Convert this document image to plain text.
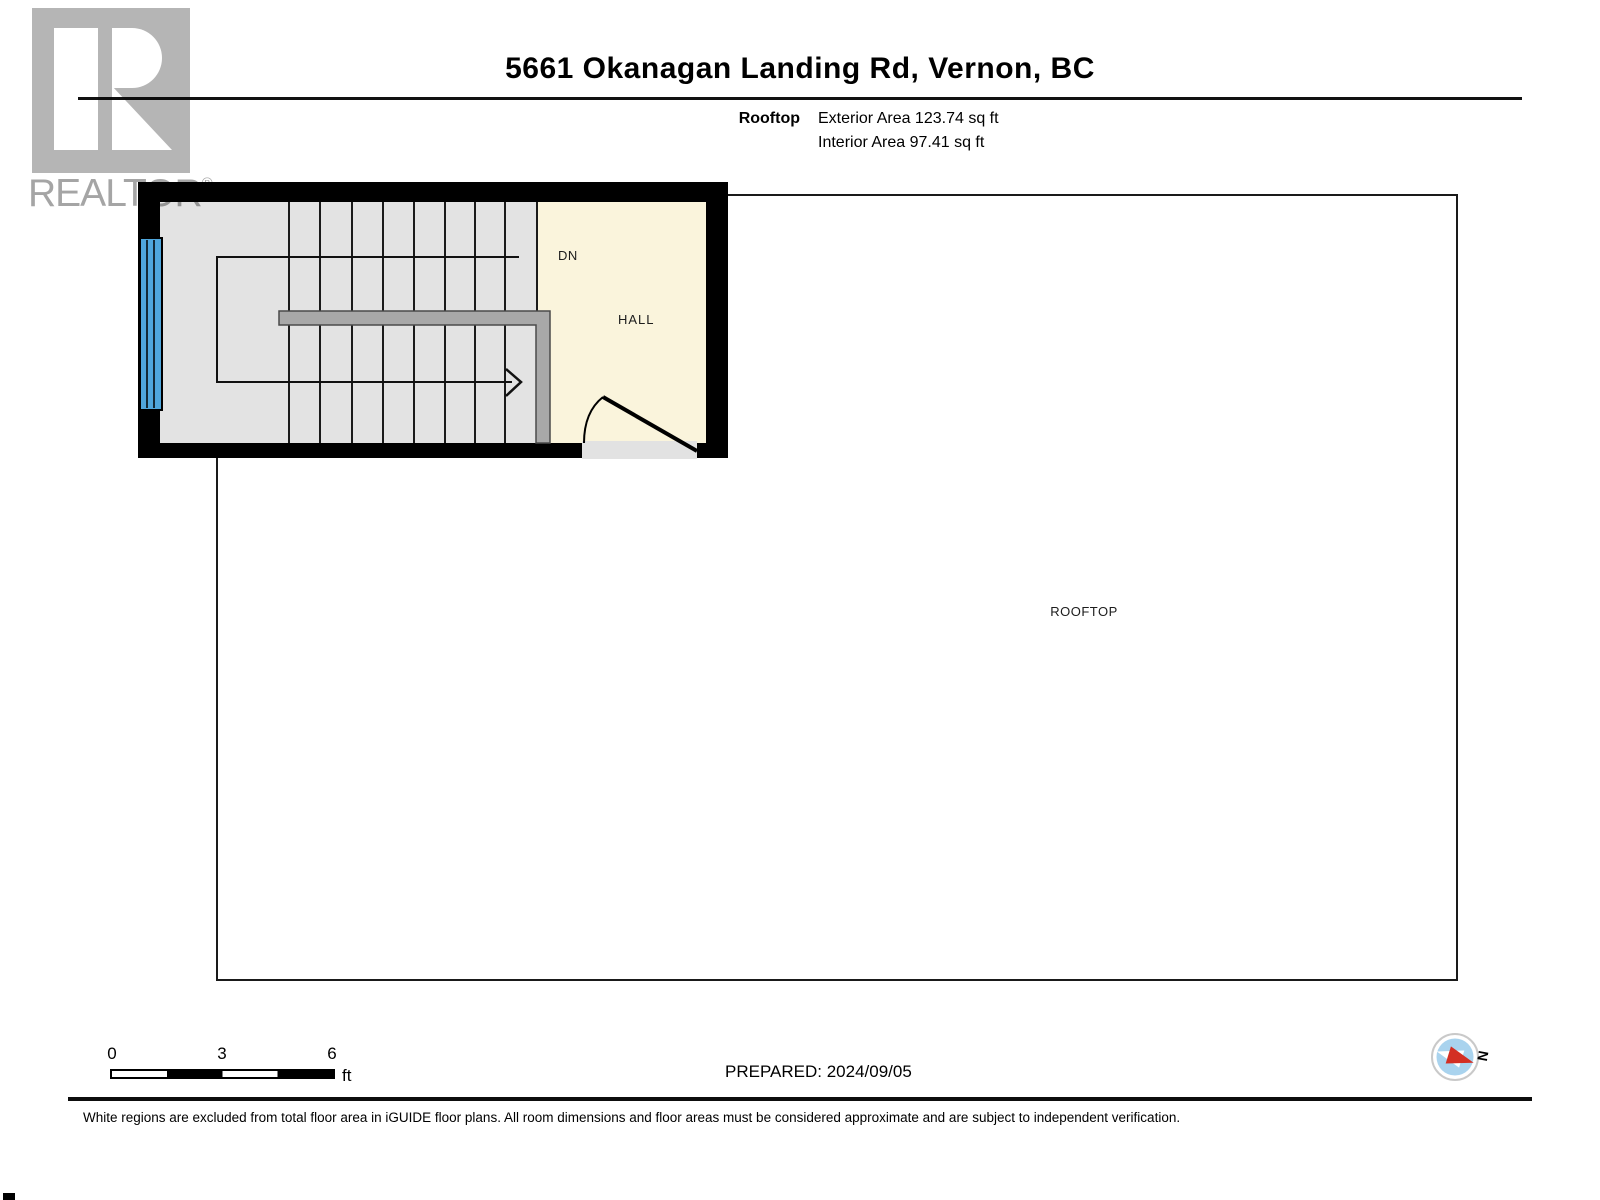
5661 Okanagan Landing Rd, Vernon, BC
Rooftop Exterior Area 123.74 sq ft
Interior Area 97.41 sq ft
DN
HALL
ROOFTOP
REALTOR®
0	3	6
ft	PREPARED: 2024/09/05
N
White regions are excluded from total floor area in iGUIDE floor plans. All room dimensions and floor areas must be considered approximate and are subject to independent verification.
